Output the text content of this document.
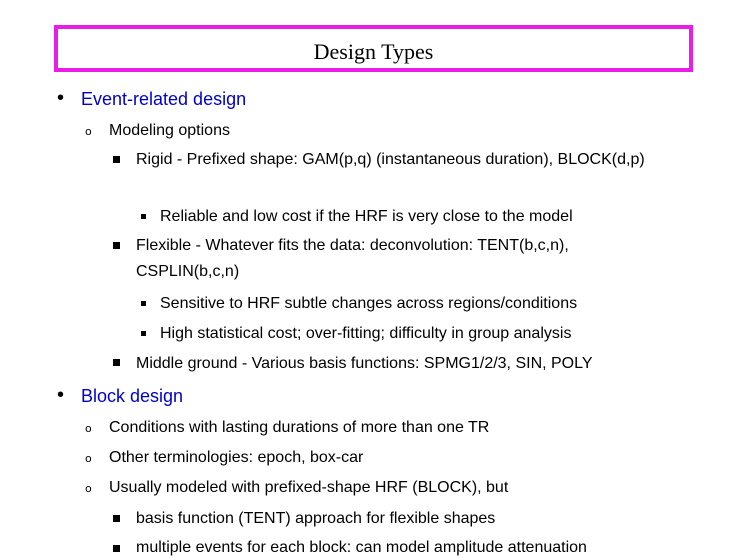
Design Types
• Event-related design
o Modeling options
Rigid - Prefixed shape: GAM(p,q) (instantaneous duration), BLOCK(d,p)
Reliable and low cost if the HRF is very close to the model
Flexible - Whatever fits the data: deconvolution: TENT(b,c,n), CSPLIN(b,c,n)
Sensitive to HRF subtle changes across regions/conditions
High statistical cost; over-fitting; difficulty in group analysis
Middle ground - Various basis functions: SPMG1/2/3, SIN, POLY
• Block design
o Conditions with lasting durations of more than one TR
o Other terminologies: epoch, box-car
o Usually modeled with prefixed-shape HRF (BLOCK), but
basis function (TENT) approach for flexible shapes
multiple events for each block: can model amplitude attenuation
